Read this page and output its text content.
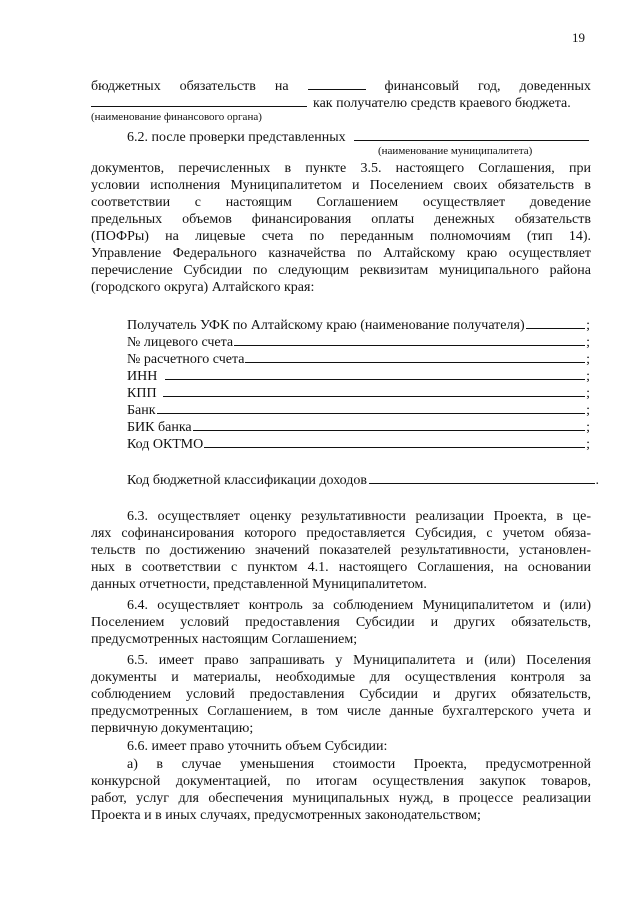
19
бюджетных обязательств на	финансовый год, доведенных
как получателю средств краевого бюджета.
(наименование финансового органа)
6.2. после проверки представленных
(наименование муниципалитета)
документов, перечисленных в пункте 3.5. настоящего Соглашения, при
условии исполнения Муниципалитетом и Поселением своих обязательств в
соответствии с настоящим Соглашением осуществляет доведение
предельных объемов финансирования оплаты денежных обязательств
(ПОФРы) на лицевые счета по переданным полномочиям (тип 14).
Управление Федерального казначейства по Алтайскому краю осуществляет
перечисление Субсидии по следующим реквизитам муниципального района
(городского округа) Алтайского края:
Получатель УФК по Алтайскому краю (наименование получателя)	;
№ лицевого счета	;
№ расчетного счета	;
ИНН	;
КПП	;
Банк	;
БИК банка	;
Код ОКТМО	;
Код бюджетной классификации доходов	.
6.3. осуществляет оценку результативности реализации Проекта, в це-
лях софинансирования которого предоставляется Субсидия, с учетом обяза-
тельств по достижению значений показателей результативности, установлен-
ных в соответствии с пунктом 4.1. настоящего Соглашения, на основании
данных отчетности, представленной Муниципалитетом.
6.4. осуществляет контроль за соблюдением Муниципалитетом и (или)
Поселением условий предоставления Субсидии и других обязательств,
предусмотренных настоящим Соглашением;
6.5. имеет право запрашивать у Муниципалитета и (или) Поселения
документы и материалы, необходимые для осуществления контроля за
соблюдением условий предоставления Субсидии и других обязательств,
предусмотренных Соглашением, в том числе данные бухгалтерского учета и
первичную документацию;
6.6. имеет право уточнить объем Субсидии:
а) в случае уменьшения стоимости Проекта, предусмотренной
конкурсной документацией, по итогам осуществления закупок товаров,
работ, услуг для обеспечения муниципальных нужд, в процессе реализации
Проекта и в иных случаях, предусмотренных законодательством;
